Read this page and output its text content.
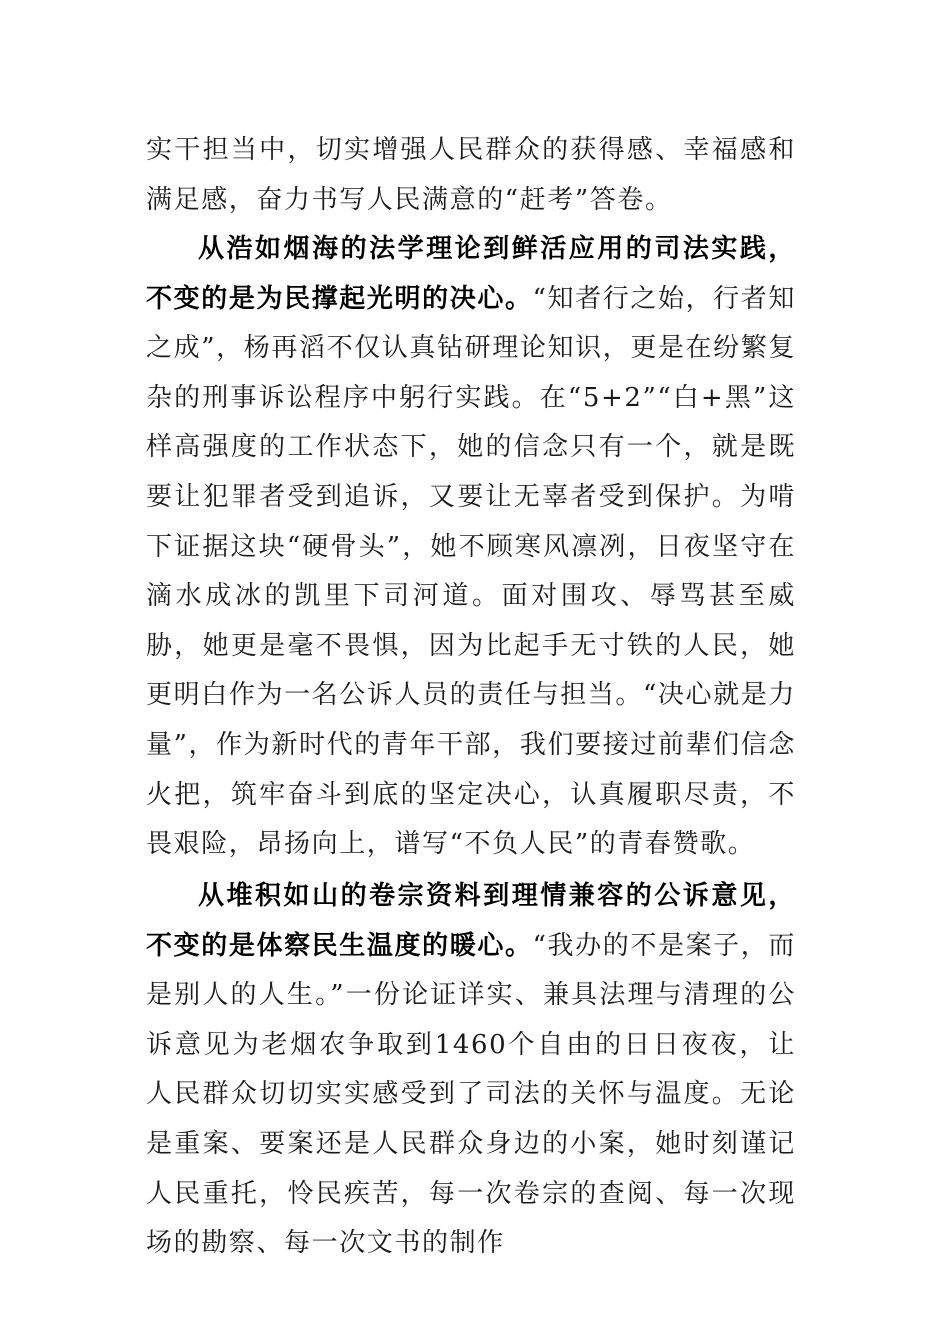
实干担当中，切实增强人民群众的获得感、幸福感和满足感，奋力书写人民满意的“赶考”答卷。

从浩如烟海的法学理论到鲜活应用的司法实践，不变的是为民撑起光明的决心。“知者行之始，行者知之成”，杨再滔不仅认真钻研理论知识，更是在纷繁复杂的刑事诉讼程序中躬行实践。在“5+2”“白+黑”这样高强度的工作状态下，她的信念只有一个，就是既要让犯罪者受到追诉，又要让无辜者受到保护。为啃下证据这块“硬骨头”，她不顾寒风凛冽，日夜坚守在滴水成冰的凯里下司河道。面对围攻、辱骂甚至威胁，她更是毫不畏惧，因为比起手无寸铁的人民，她更明白作为一名公诉人员的责任与担当。“决心就是力量”，作为新时代的青年干部，我们要接过前辈们信念火把，筑牢奋斗到底的坚定决心，认真履职尽责，不畏艰险，昂扬向上，谱写“不负人民”的青春赞歌。

从堆积如山的卷宗资料到理情兼容的公诉意见，不变的是体察民生温度的暖心。“我办的不是案子，而是别人的人生。”一份论证详实、兼具法理与清理的公诉意见为老烟农争取到1460个自由的日日夜夜，让人民群众切切实实感受到了司法的关怀与温度。无论是重案、要案还是人民群众身边的小案，她时刻谨记人民重托，怜民疾苦，每一次卷宗的查阅、每一次现场的勘察、每一次文书的制作
